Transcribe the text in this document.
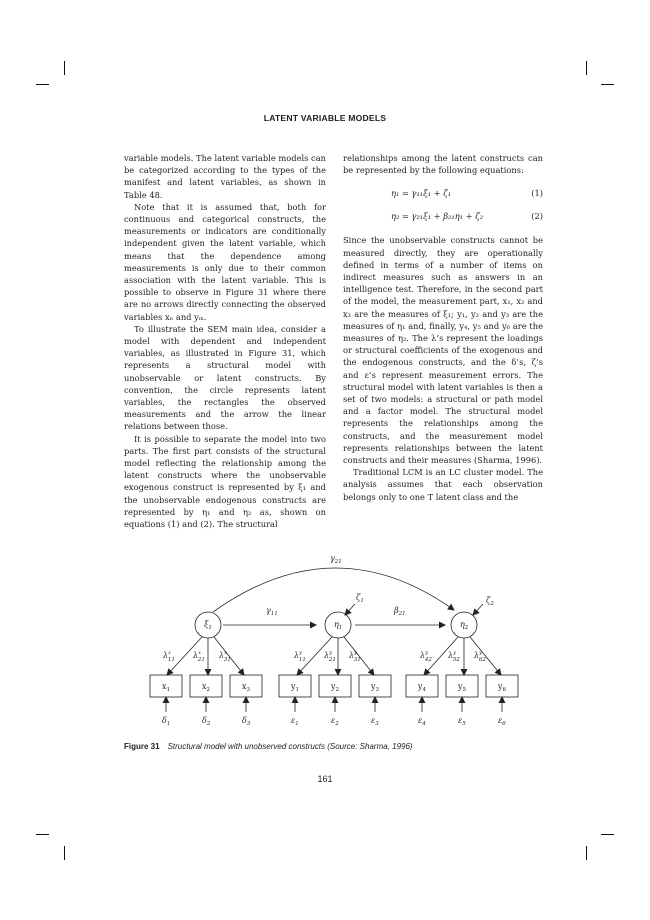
LATENT VARIABLE MODELS

variable models. The latent variable models can be categorized according to the types of the manifest and latent variables, as shown in Table 48.

Note that it is assumed that, both for continuous and categorical constructs, the measurements or indicators are conditionally independent given the latent variable, which means that the dependence among measurements is only due to their common association with the latent variable. This is possible to observe in Figure 31 where there are no arrows directly connecting the observed variables xₙ and yₘ.

To illustrate the SEM main idea, consider a model with dependent and independent variables, as illustrated in Figure 31, which represents a structural model with unobservable or latent constructs. By convention, the circle represents latent variables, the rectangles the observed measurements and the arrow the linear relations between those.

It is possible to separate the model into two parts. The first part consists of the structural model reflecting the relationship among the latent constructs where the unobservable exogenous construct is represented by ξ₁ and the unobservable endogenous constructs are represented by η₁ and η₂ as, shown on equations (1) and (2). The structural

relationships among the latent constructs can be represented by the following equations:

η₁ = γ₁₁ξ₁ + ζ₁	(1)
η₂ = γ₂₁ξ₁ + β₂₁η₁ + ζ₂	(2)

Since the unobservable constructs cannot be measured directly, they are operationally defined in terms of a number of items on indirect measures such as answers in an intelligence test. Therefore, in the second part of the model, the measurement part, x₁, x₂ and x₃ are the measures of ξ₁; y₁, y₂ and y₃ are the measures of η₁ and, finally, y₄, y₅ and y₆ are the measures of η₂. The λ’s represent the loadings or structural coefficients of the exogenous and the endogenous constructs, and the δ’s, ζ’s and ε’s represent measurement errors. The structural model with latent variables is then a set of two models: a structural or path model and a factor model. The structural model represents the relationships among the constructs, and the measurement model represents relationships between the latent constructs and their measures (Sharma, 1996).

Traditional LCM is an LC cluster model. The analysis assumes that each observation belongs only to one T latent class and the

$\gamma_{21}$
$\gamma_{11}$	$\beta_{21}$
$\zeta_1$	$\zeta_2$
$\xi_1$	$\eta_1$	$\eta_2$
$\lambda^x$ 11 $\lambda^x$ 21 $\lambda^x$ 31	$\lambda^y$ 11 $\lambda^y$ 21 $\lambda^y$ 31	$\lambda^y$ 42 $\lambda^y$ 52 $\lambda^y$ 62
$x_1$	$x_2$	$x_3$	$y_1$	$y_2$	$y_3$	$y_4$	$y_5$	$y_6$
$\delta_1$	$\delta_2$	$\delta_3$	$\varepsilon_1$	$\varepsilon_2$	$\varepsilon_3$	$\varepsilon_4$	$\varepsilon_5$	$\varepsilon_6$
Figure 31 Structural model with unobserved constructs (Source: Sharma, 1996)
161
